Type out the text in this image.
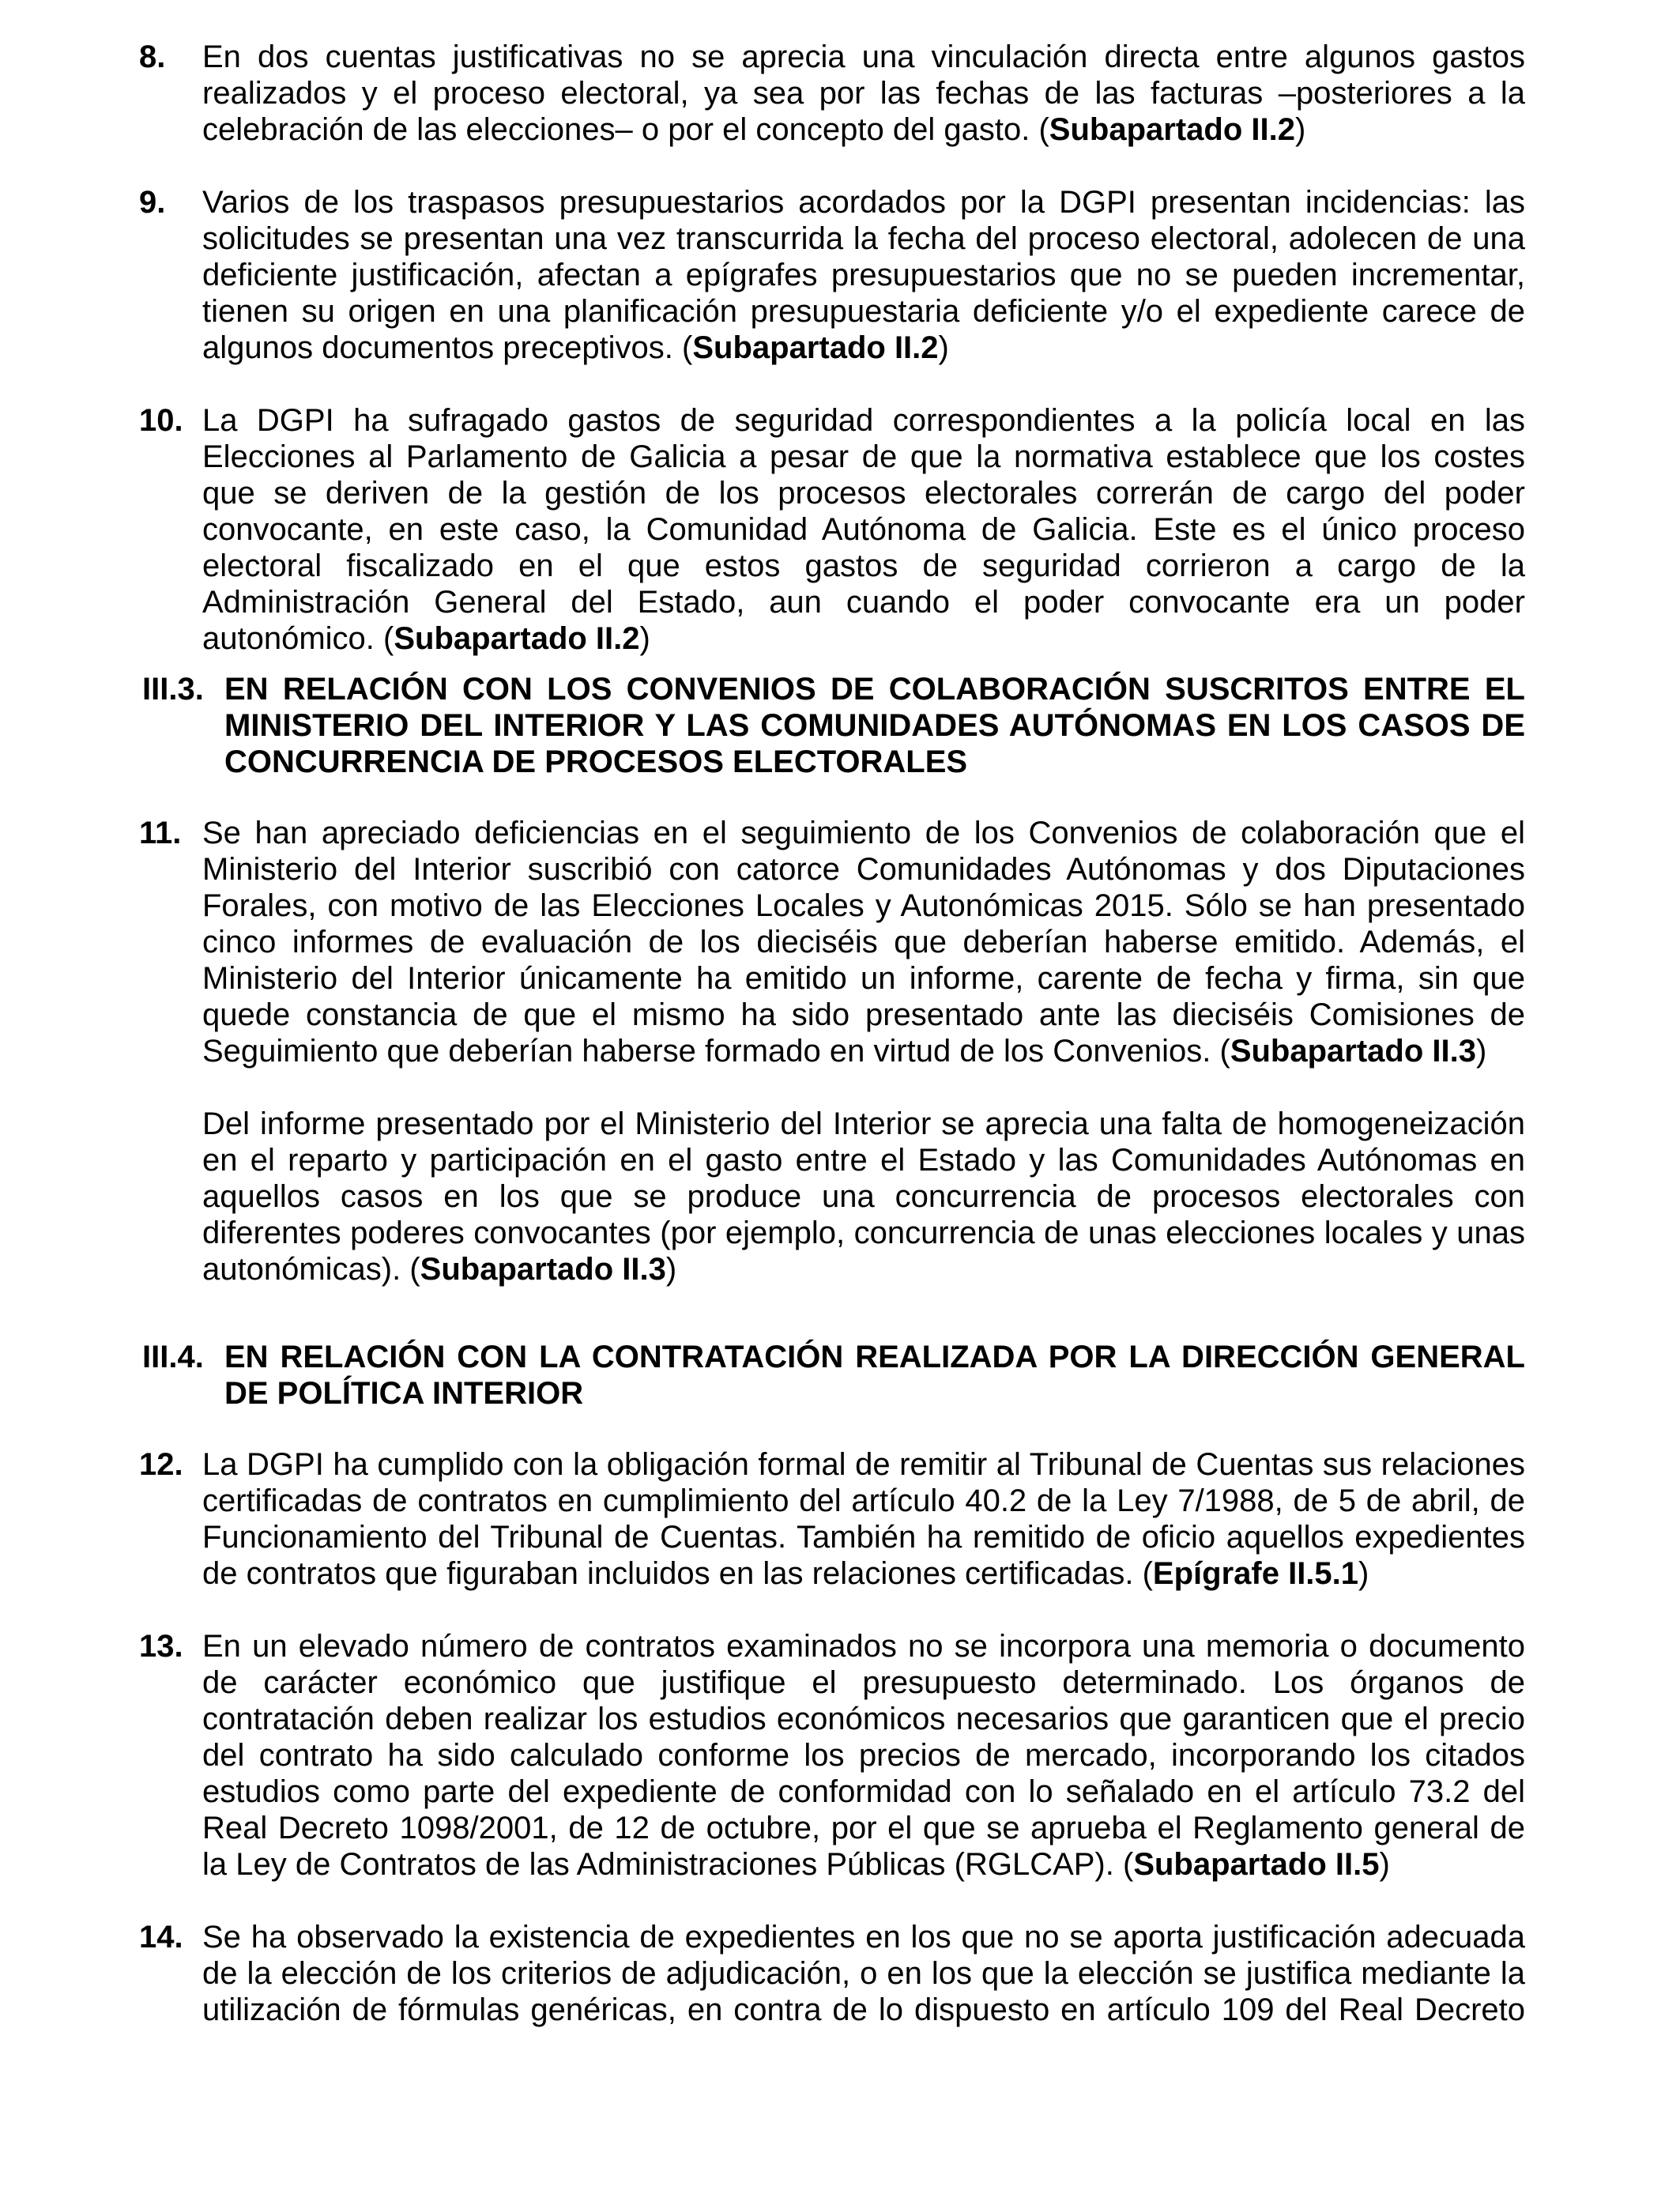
8.	En dos cuentas justificativas no se aprecia una vinculación directa entre algunos gastos realizados y el proceso electoral, ya sea por las fechas de las facturas –posteriores a la celebración de las elecciones– o por el concepto del gasto. (Subapartado II.2)

9.	Varios de los traspasos presupuestarios acordados por la DGPI presentan incidencias: las solicitudes se presentan una vez transcurrida la fecha del proceso electoral, adolecen de una deficiente justificación, afectan a epígrafes presupuestarios que no se pueden incrementar, tienen su origen en una planificación presupuestaria deficiente y/o el expediente carece de algunos documentos preceptivos. (Subapartado II.2)

10. La DGPI ha sufragado gastos de seguridad correspondientes a la policía local en las Elecciones al Parlamento de Galicia a pesar de que la normativa establece que los costes que se deriven de la gestión de los procesos electorales correrán de cargo del poder convocante, en este caso, la Comunidad Autónoma de Galicia. Este es el único proceso electoral fiscalizado en el que estos gastos de seguridad corrieron a cargo de la Administración General del Estado, aun cuando el poder convocante era un poder autonómico. (Subapartado II.2)

III.3. EN RELACIÓN CON LOS CONVENIOS DE COLABORACIÓN SUSCRITOS ENTRE EL MINISTERIO DEL INTERIOR Y LAS COMUNIDADES AUTÓNOMAS EN LOS CASOS DE CONCURRENCIA DE PROCESOS ELECTORALES
11. Se han apreciado deficiencias en el seguimiento de los Convenios de colaboración que el Ministerio del Interior suscribió con catorce Comunidades Autónomas y dos Diputaciones Forales, con motivo de las Elecciones Locales y Autonómicas 2015. Sólo se han presentado cinco informes de evaluación de los dieciséis que deberían haberse emitido. Además, el Ministerio del Interior únicamente ha emitido un informe, carente de fecha y firma, sin que quede constancia de que el mismo ha sido presentado ante las dieciséis Comisiones de Seguimiento que deberían haberse formado en virtud de los Convenios. (Subapartado II.3)

Del informe presentado por el Ministerio del Interior se aprecia una falta de homogeneización en el reparto y participación en el gasto entre el Estado y las Comunidades Autónomas en aquellos casos en los que se produce una concurrencia de procesos electorales con diferentes poderes convocantes (por ejemplo, concurrencia de unas elecciones locales y unas autonómicas). (Subapartado II.3)

III.4. EN RELACIÓN CON LA CONTRATACIÓN REALIZADA POR LA DIRECCIÓN GENERAL DE POLÍTICA INTERIOR
12. La DGPI ha cumplido con la obligación formal de remitir al Tribunal de Cuentas sus relaciones certificadas de contratos en cumplimiento del artículo 40.2 de la Ley 7/1988, de 5 de abril, de Funcionamiento del Tribunal de Cuentas. También ha remitido de oficio aquellos expedientes de contratos que figuraban incluidos en las relaciones certificadas. (Epígrafe II.5.1)

13. En un elevado número de contratos examinados no se incorpora una memoria o documento de carácter económico que justifique el presupuesto determinado. Los órganos de contratación deben realizar los estudios económicos necesarios que garanticen que el precio del contrato ha sido calculado conforme los precios de mercado, incorporando los citados estudios como parte del expediente de conformidad con lo señalado en el artículo 73.2 del Real Decreto 1098/2001, de 12 de octubre, por el que se aprueba el Reglamento general de la Ley de Contratos de las Administraciones Públicas (RGLCAP). (Subapartado II.5)

14. Se ha observado la existencia de expedientes en los que no se aporta justificación adecuada de la elección de los criterios de adjudicación, o en los que la elección se justifica mediante la utilización de fórmulas genéricas, en contra de lo dispuesto en artículo 109 del Real Decreto
